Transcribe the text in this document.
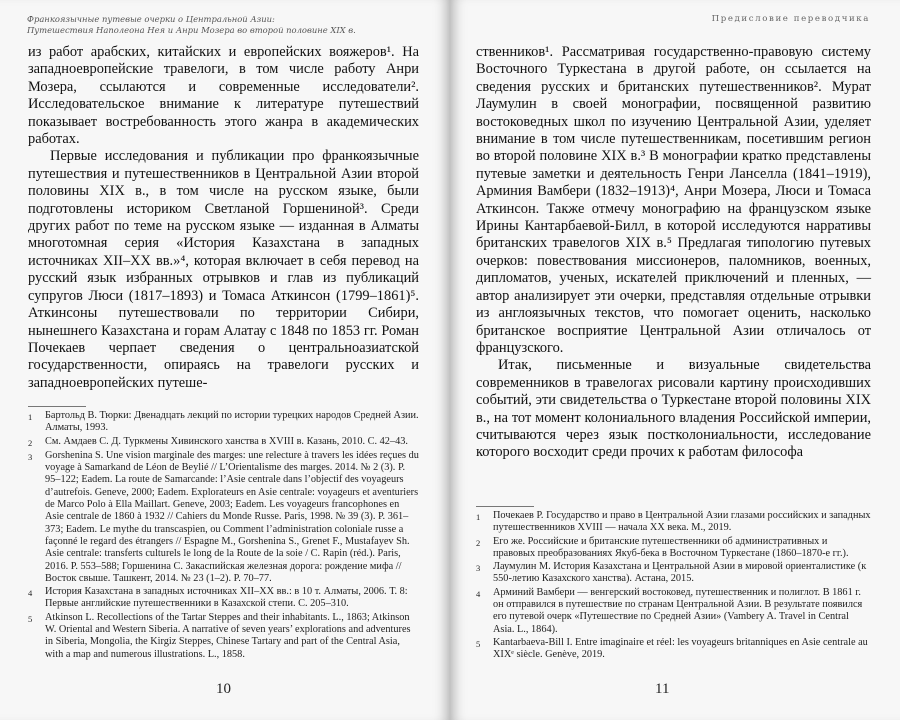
Франкоязычные путевые очерки о Центральной Азии:
Путешествия Наполеона Нея и Анри Мозера во второй половине XIX в.

из работ арабских, китайских и европейских вояжеров¹. На западноевропейские травелоги, в том числе работу Анри Мозера, ссылаются и современные исследователи². Исследовательское внимание к литературе путешествий показывает востребованность этого жанра в академических работах.

Первые исследования и публикации про франкоязычные путешествия и путешественников в Центральной Азии второй половины XIX в., в том числе на русском языке, были подготовлены историком Светланой Горшениной³. Среди других работ по теме на русском языке — изданная в Алматы многотомная серия «История Казахстана в западных источниках XII–XX вв.»⁴, которая включает в себя перевод на русский язык избранных отрывков и глав из публикаций супругов Люси (1817–1893) и Томаса Аткинсон (1799–1861)⁵. Аткинсоны путешествовали по территории Сибири, нынешнего Казахстана и горам Алатау с 1848 по 1853 гг. Роман Почекаев черпает сведения о центральноазиатской государственности, опираясь на травелоги русских и западноевропейских путеше-

1	Бартольд В. Тюрки: Двенадцать лекций по истории турецких народов Средней Азии. Алматы, 1993.
2	См. Амдаев С. Д. Туркмены Хивинского ханства в XVIII в. Казань, 2010. С. 42–43.
3	Gorshenina S. Une vision marginale des marges: une relecture à travers les idées reçues du voyage à Samarkand de Léon de Beylié // L’Orientalisme des marges. 2014. № 2 (3). P. 95–122; Eadem. La route de Samarcande: l’Asie centrale dans l’objectif des voyageurs d’autrefois. Geneve, 2000; Eadem. Explorateurs en Asie centrale: voyageurs et aventuriers de Marco Polo à Ella Maillart. Geneve, 2003; Eadem. Les voyageurs francophones en Asie centrale de 1860 à 1932 // Cahiers du Monde Russe. Paris, 1998. № 39 (3). P. 361–373; Eadem. Le mythe du transcaspien, ou Comment l’administration coloniale russe a façonné le regard des étrangers // Espagne M., Gorshenina S., Grenet F., Mustafayev Sh. Asie centrale: transferts culturels le long de la Route de la soie / C. Rapin (réd.). Paris, 2016. P. 553–588; Горшенина С. Закаспийская железная дорога: рождение мифа // Восток свыше. Ташкент, 2014. № 23 (1–2). P. 70–77.
4	История Казахстана в западных источниках XII–XX вв.: в 10 т. Алматы, 2006. Т. 8: Первые английские путешественники в Казахской степи. С. 205–310.
5	Atkinson L. Recollections of the Tartar Steppes and their inhabitants. L., 1863; Atkinson W. Oriental and Western Siberia. A narrative of seven years’ explorations and adventures in Siberia, Mongolia, the Kirgiz Steppes, Chinese Tartary and part of the Central Asia, with a map and numerous illustrations. L., 1858.
10
Предисловие переводчика

ственников¹. Рассматривая государственно-правовую систему Восточного Туркестана в другой работе, он ссылается на сведения русских и британских путешественников². Мурат Лаумулин в своей монографии, посвященной развитию востоковедных школ по изучению Центральной Азии, уделяет внимание в том числе путешественникам, посетившим регион во второй половине XIX в.³ В монографии кратко представлены путевые заметки и деятельность Генри Ланселла (1841–1919), Арминия Вамбери (1832–1913)⁴, Анри Мозера, Люси и Томаса Аткинсон. Также отмечу монографию на французском языке Ирины Кантарбаевой-Билл, в которой исследуются нарративы британских травелогов XIX в.⁵ Предлагая типологию путевых очерков: повествования миссионеров, паломников, военных, дипломатов, ученых, искателей приключений и пленных, — автор анализирует эти очерки, представляя отдельные отрывки из англоязычных текстов, что помогает оценить, насколько британское восприятие Центральной Азии отличалось от французского.

Итак, письменные и визуальные свидетельства современников в травелогах рисовали картину происходивших событий, эти свидетельства о Туркестане второй половины XIX в., на тот момент колониального владения Российской империи, считываются через язык постколониальности, исследование которого восходит среди прочих к работам философа

1	Почекаев Р. Государство и право в Центральной Азии глазами российских и западных путешественников XVIII — начала XX века. М., 2019.
2	Его же. Российские и британские путешественники об административных и правовых преобразованиях Якуб-бека в Восточном Туркестане (1860–1870-е гг.).
3	Лаумулин М. История Казахстана и Центральной Азии в мировой ориенталистике (к 550-летию Казахского ханства). Астана, 2015.
4	Арминий Вамбери — венгерский востоковед, путешественник и полиглот. В 1861 г. он отправился в путешествие по странам Центральной Азии. В результате появился его путевой очерк «Путешествие по Средней Азии» (Vambery A. Travel in Central Asia. L., 1864).
5	Kantarbaeva-Bill I. Entre imaginaire et réel: les voyageurs britanniques en Asie centrale au XIXᵉ siècle. Genève, 2019.
11
